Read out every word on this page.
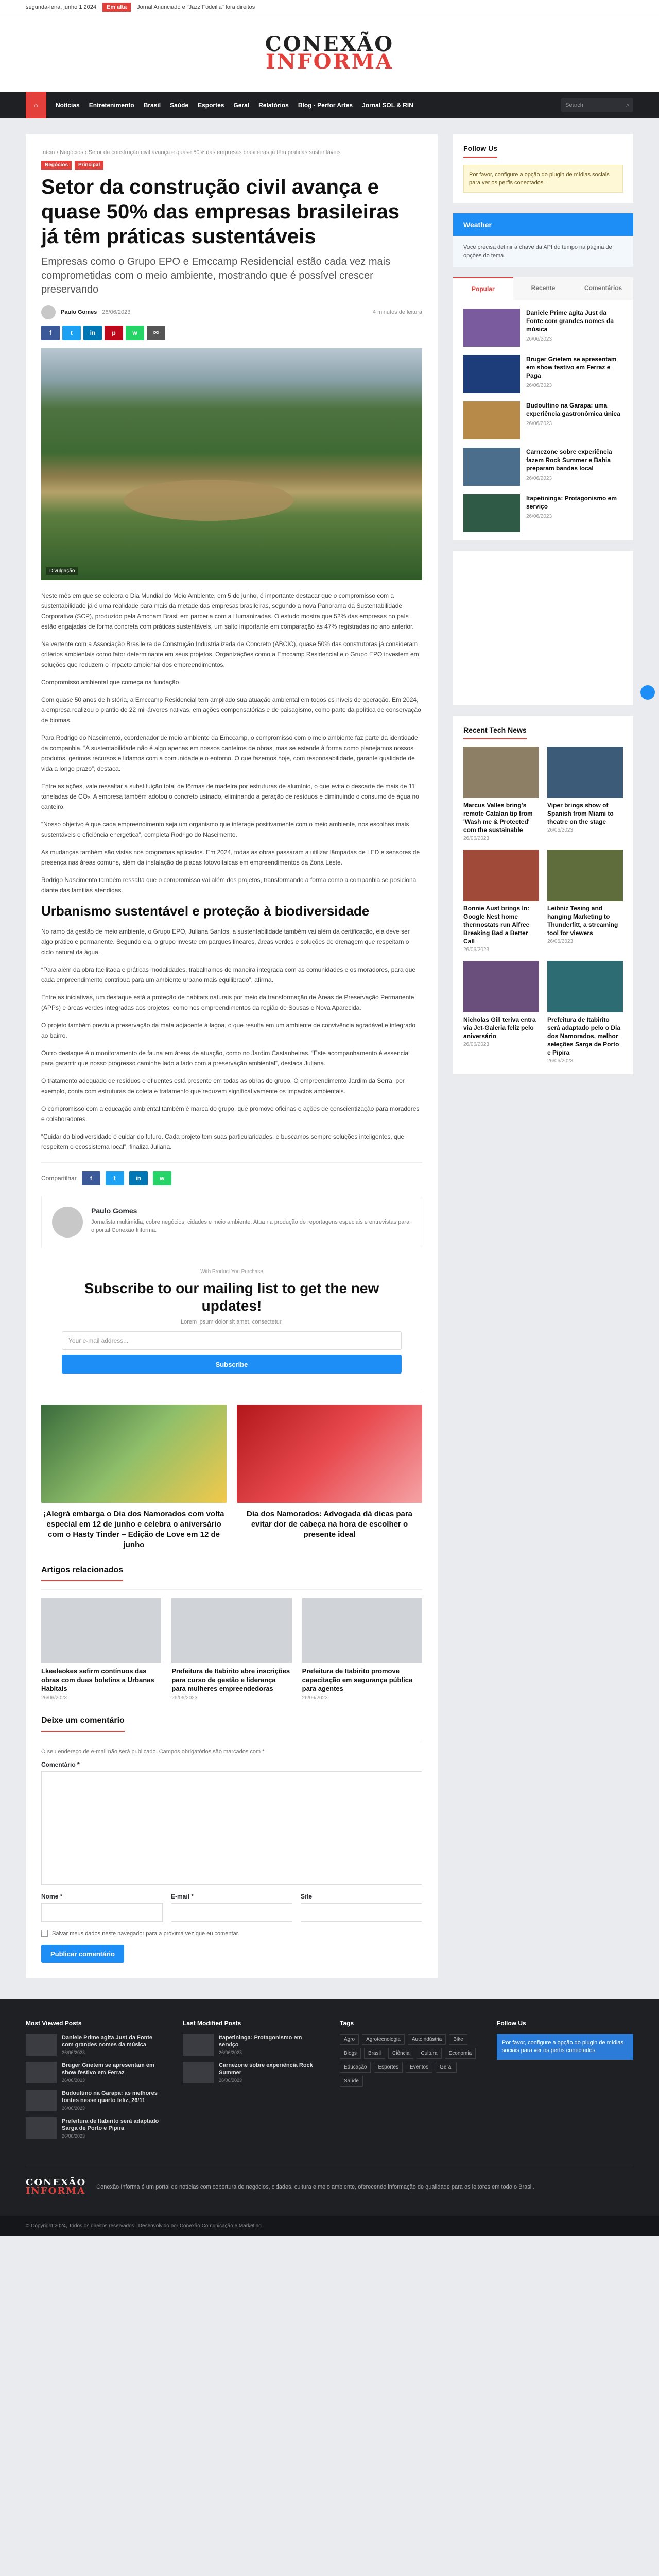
segunda-feira, junho 1 2024	Em alta	Jornal Anunciado e "Jazz Fodeilia" fora direitos
CONEXÃO
INFORMA
⌂	Notícias Entretenimento Brasil Saúde Esportes Geral Relatórios Blog · Perfor Artes Jornal SOL & RIN	Search	⌕
Início › Negócios › Setor da construção civil avança e quase 50% das empresas brasileiras já têm práticas sustentáveis
Negócios	Principal
Setor da construção civil avança e quase 50% das empresas brasileiras já têm práticas sustentáveis
Empresas como o Grupo EPO e Emccamp Residencial estão cada vez mais comprometidas com o meio ambiente, mostrando que é possível crescer preservando
Paulo Gomes 26/06/2023	4 minutos de leitura
f	t	in	p	w	✉
Divulgação

Neste mês em que se celebra o Dia Mundial do Meio Ambiente, em 5 de junho, é importante destacar que o compromisso com a sustentabilidade já é uma realidade para mais da metade das empresas brasileiras, segundo a nova Panorama da Sustentabilidade Corporativa (SCP), produzido pela Amcham Brasil em parceria com a Humanizadas. O estudo mostra que 52% das empresas no país estão engajadas de forma concreta com práticas sustentáveis, um salto importante em comparação às 47% registradas no ano anterior.

Na vertente com a Associação Brasileira de Construção Industrializada de Concreto (ABCIC), quase 50% das construtoras já consideram critérios ambientais como fator determinante em seus projetos. Organizações como a Emccamp Residencial e o Grupo EPO investem em soluções que reduzem o impacto ambiental dos empreendimentos.

Compromisso ambiental que começa na fundação

Com quase 50 anos de história, a Emccamp Residencial tem ampliado sua atuação ambiental em todos os níveis de operação. Em 2024, a empresa realizou o plantio de 22 mil árvores nativas, em ações compensatórias e de paisagismo, como parte da política de conservação de biomas.

Para Rodrigo do Nascimento, coordenador de meio ambiente da Emccamp, o compromisso com o meio ambiente faz parte da identidade da companhia. “A sustentabilidade não é algo apenas em nossos canteiros de obras, mas se estende à forma como planejamos nossos produtos, gerimos recursos e lidamos com a comunidade e o entorno. O que fazemos hoje, com responsabilidade, garante qualidade de vida a longo prazo”, destaca.

Entre as ações, vale ressaltar a substituição total de fôrmas de madeira por estruturas de alumínio, o que evita o descarte de mais de 11 toneladas de CO₂. A empresa também adotou o concreto usinado, eliminando a geração de resíduos e diminuindo o consumo de água no canteiro.

“Nosso objetivo é que cada empreendimento seja um organismo que interage positivamente com o meio ambiente, nos escolhas mais sustentáveis e eficiência energética”, completa Rodrigo do Nascimento.

As mudanças também são vistas nos programas aplicados. Em 2024, todas as obras passaram a utilizar lâmpadas de LED e sensores de presença nas áreas comuns, além da instalação de placas fotovoltaicas em empreendimentos da Zona Leste.

Rodrigo Nascimento também ressalta que o compromisso vai além dos projetos, transformando a forma como a companhia se posiciona diante das famílias atendidas.

Urbanismo sustentável e proteção à biodiversidade

No ramo da gestão de meio ambiente, o Grupo EPO, Juliana Santos, a sustentabilidade também vai além da certificação, ela deve ser algo prático e permanente. Segundo ela, o grupo investe em parques lineares, áreas verdes e soluções de drenagem que respeitam o ciclo natural da água.

“Para além da obra facilitada e práticas modalidades, trabalhamos de maneira integrada com as comunidades e os moradores, para que cada empreendimento contribua para um ambiente urbano mais equilibrado”, afirma.

Entre as iniciativas, um destaque está a proteção de habitats naturais por meio da transformação de Áreas de Preservação Permanente (APPs) e áreas verdes integradas aos projetos, como nos empreendimentos da região de Sousas e Nova Aparecida.

O projeto também previu a preservação da mata adjacente à lagoa, o que resulta em um ambiente de convivência agradável e integrado ao bairro.

Outro destaque é o monitoramento de fauna em áreas de atuação, como no Jardim Castanheiras. “Este acompanhamento é essencial para garantir que nosso progresso caminhe lado a lado com a preservação ambiental”, destaca Juliana.

O tratamento adequado de resíduos e efluentes está presente em todas as obras do grupo. O empreendimento Jardim da Serra, por exemplo, conta com estruturas de coleta e tratamento que reduzem significativamente os impactos ambientais.

O compromisso com a educação ambiental também é marca do grupo, que promove oficinas e ações de conscientização para moradores e colaboradores.

“Cuidar da biodiversidade é cuidar do futuro. Cada projeto tem suas particularidades, e buscamos sempre soluções inteligentes, que respeitem o ecossistema local”, finaliza Juliana.

Compartilhar	f	t	in	w
Paulo Gomes
Jornalista multimídia, cobre negócios, cidades e meio ambiente. Atua na produção de reportagens especiais e entrevistas para o portal Conexão Informa.
With Product You Purchase
Subscribe to our mailing list to get the new updates!
Lorem ipsum dolor sit amet, consectetur.
Your e-mail address...
Subscribe
¡Alegrá embarga o Dia dos Namorados com volta especial em 12 de junho e celebra o aniversário com o Hasty Tinder – Edição de Love em 12 de junho
Dia dos Namorados: Advogada dá dicas para evitar dor de cabeça na hora de escolher o presente ideal
Artigos relacionados
Lkeeleokes sefirm contínuos das obras com duas boletins a Urbanas Habitais
26/06/2023
Prefeitura de Itabirito abre inscrições para curso de gestão e liderança para mulheres empreendedoras
26/06/2023
Prefeitura de Itabirito promove capacitação em segurança pública para agentes
26/06/2023
Deixe um comentário
O seu endereço de e-mail não será publicado. Campos obrigatórios são marcados com *
Comentário *
Nome *	E-mail *	Site
Salvar meus dados neste navegador para a próxima vez que eu comentar.
Publicar comentário
Follow Us
Por favor, configure a opção do plugin de mídias sociais para ver os perfis conectados.
Weather
Você precisa definir a chave da API do tempo na página de opções do tema.
Popular	Recente	Comentários
Daniele Prime agita Just da Fonte com grandes nomes da música
26/06/2023
Bruger Grietem se apresentam em show festivo em Ferraz e Paga
26/06/2023
Budoultino na Garapa: uma experiência gastronômica única
26/06/2023
Carnezone sobre experiência fazem Rock Summer e Bahia preparam bandas local
26/06/2023
Itapetininga: Protagonismo em serviço
26/06/2023
Recent Tech News
Marcus Valles bring's remote Catalan tip from 'Wash me & Protected' com the sustainable
26/06/2023
Viper brings show of Spanish from Miami to theatre on the stage
26/06/2023
Bonnie Aust brings In: Google Nest home thermostats run Alfree Breaking Bad a Better Call
26/06/2023
Leibniz Tesing and hanging Marketing to Thunderfitt, a streaming tool for viewers
26/06/2023
Nicholas Gill teriva entra via Jet-Galeria feliz pelo aniversário
26/06/2023
Prefeitura de Itabirito será adaptado pelo o Dia dos Namorados, melhor seleções Sarga de Porto e Pipira
26/06/2023
Most Viewed Posts
Daniele Prime agita Just da Fonte com grandes nomes da música
26/06/2023
Bruger Grietem se apresentam em show festivo em Ferraz
26/06/2023
Budoultino na Garapa: as melhores fontes nesse quarto feliz, 26/11
26/06/2023
Prefeitura de Itabirito será adaptado Sarga de Porto e Pipira
26/06/2023
Last Modified Posts
Itapetininga: Protagonismo em serviço
26/06/2023
Carnezone sobre experiência Rock Summer
26/06/2023
Tags
Agro	Agrotecnologia	Autoindústria	Bike
Blogs	Brasil	Ciência	Cultura	Economia
Educação	Esportes	Eventos	Geral
Saúde
Follow Us
Por favor, configure a opção do plugin de mídias sociais para ver os perfis conectados.
CONEXÃO
INFORMA Conexão Informa é um portal de notícias com cobertura de negócios, cidades, cultura e meio ambiente, oferecendo informação de qualidade para os leitores em todo o Brasil.
© Copyright 2024, Todos os direitos reservados | Desenvolvido por Conexão Comunicação e Marketing
